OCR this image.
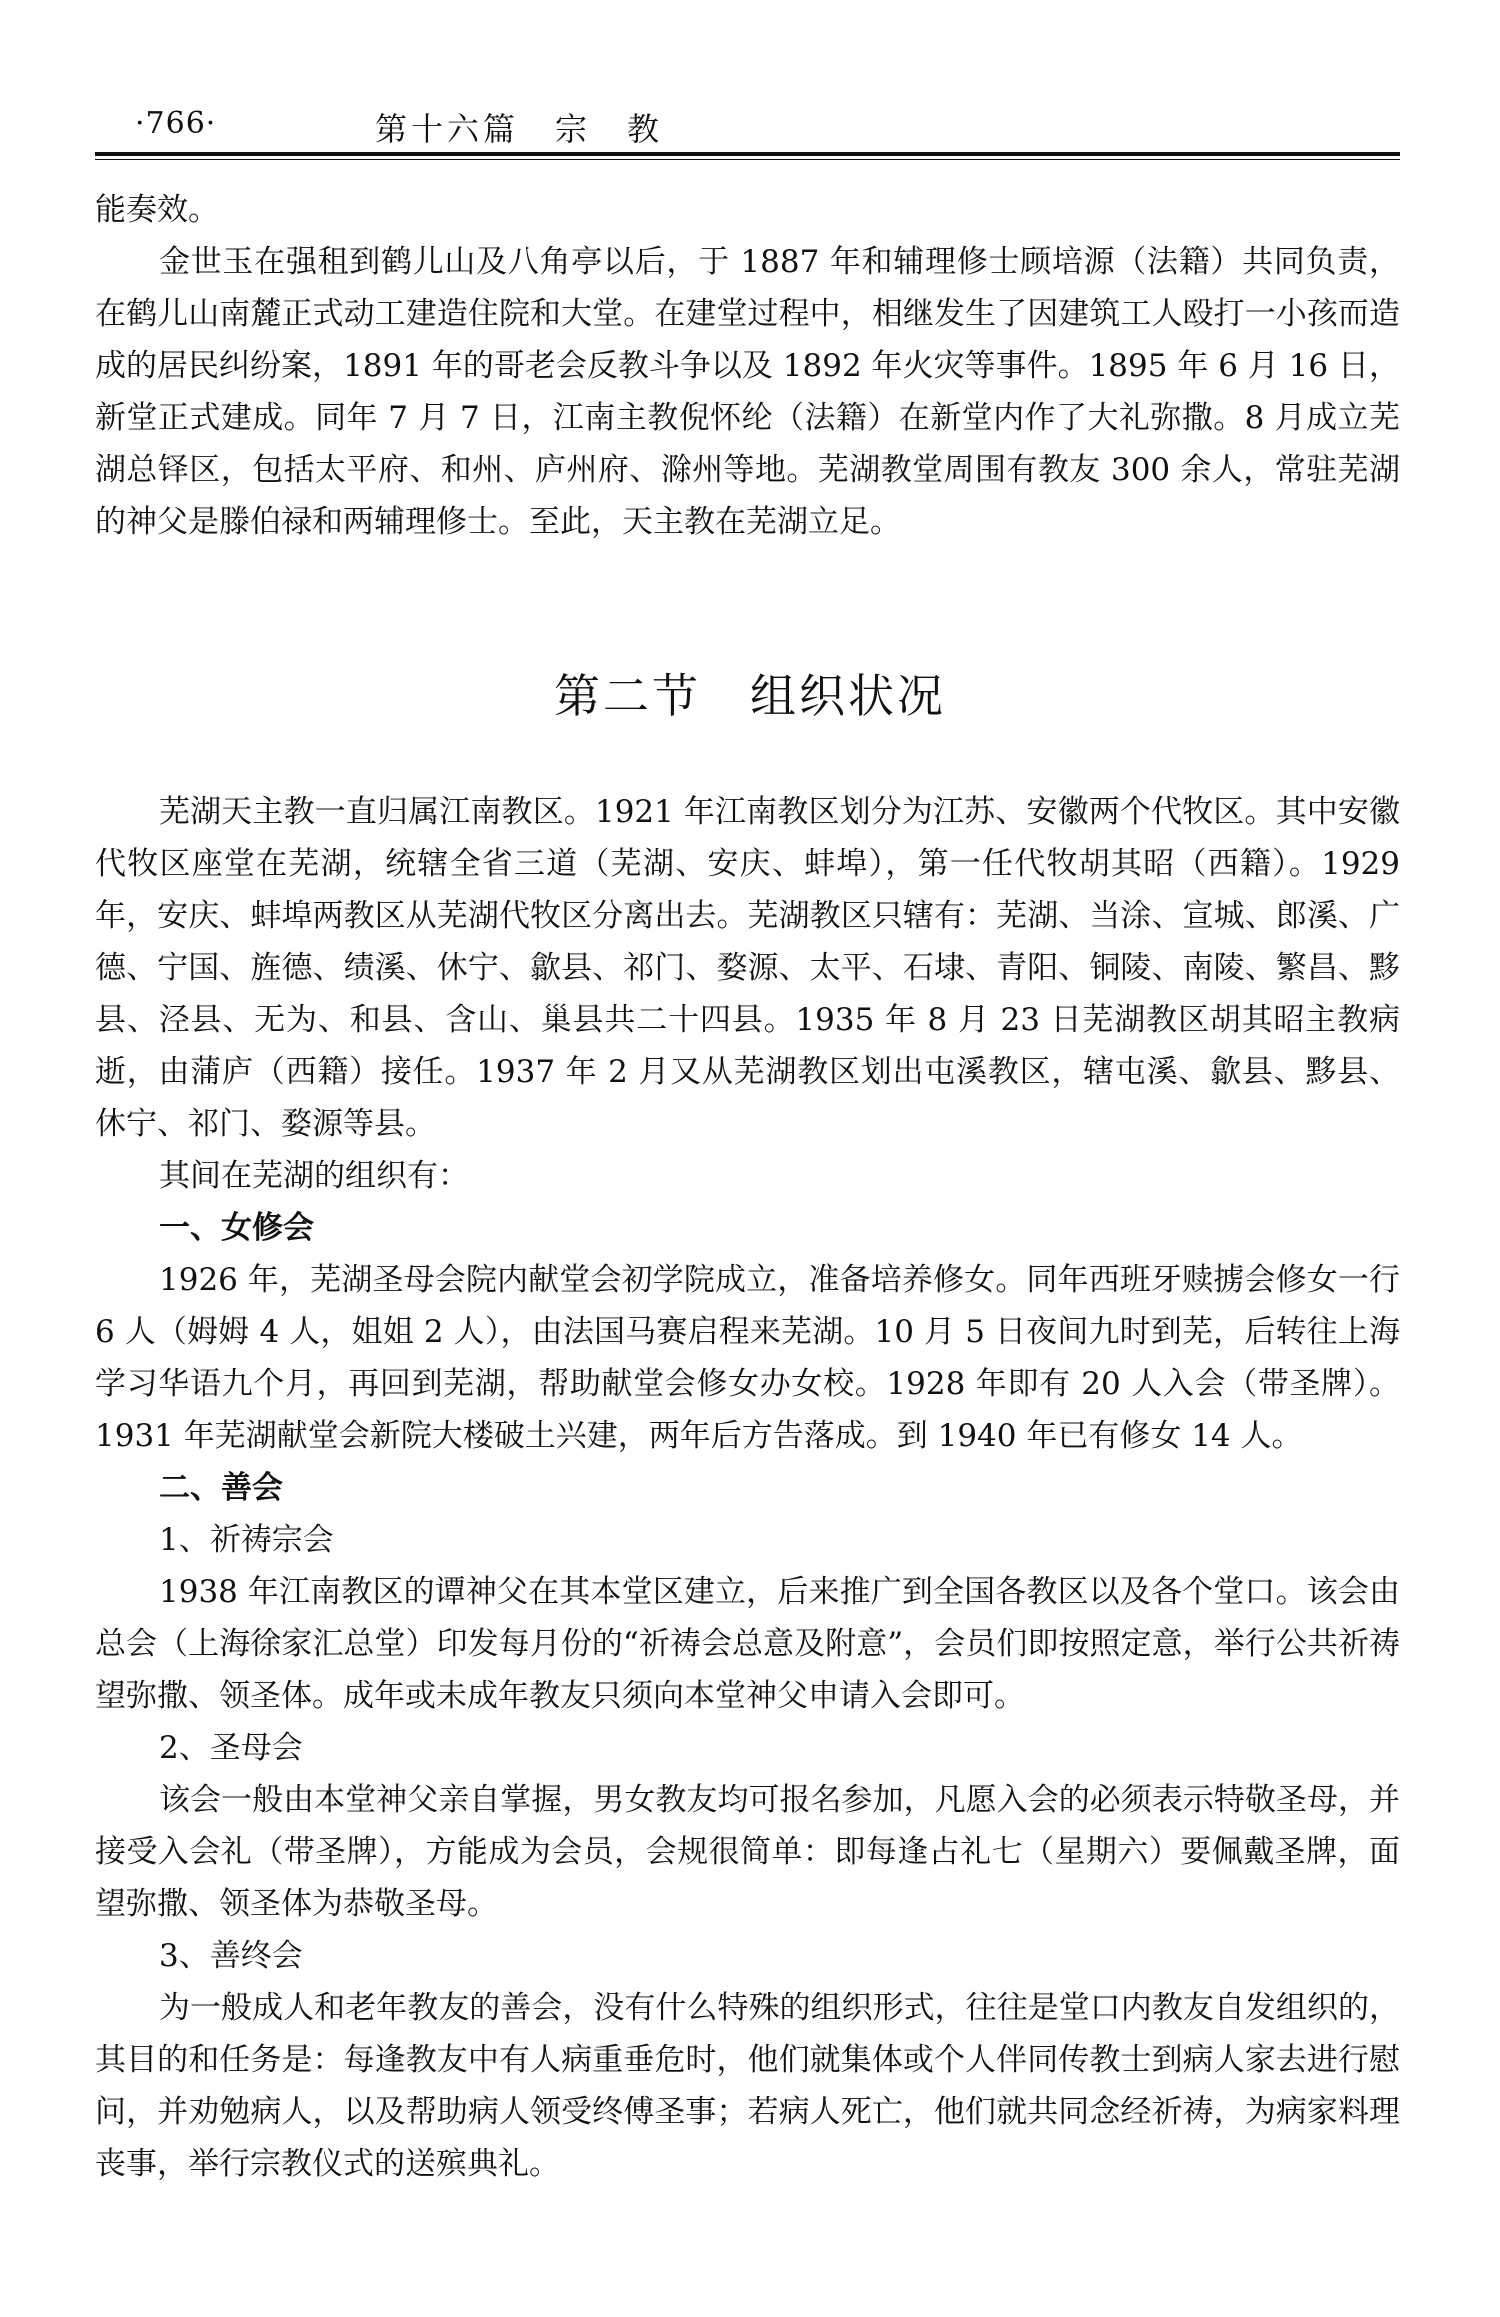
·766·	第十六篇　宗　教

能奏效。

金世玉在强租到鹤儿山及八角亭以后，于 1887 年和辅理修士顾培源（法籍）共同负责，在鹤儿山南麓正式动工建造住院和大堂。在建堂过程中，相继发生了因建筑工人殴打一小孩而造成的居民纠纷案，1891 年的哥老会反教斗争以及 1892 年火灾等事件。1895 年 6 月 16 日，新堂正式建成。同年 7 月 7 日，江南主教倪怀纶（法籍）在新堂内作了大礼弥撒。8 月成立芜湖总铎区，包括太平府、和州、庐州府、滁州等地。芜湖教堂周围有教友 300 余人，常驻芜湖的神父是滕伯禄和两辅理修士。至此，天主教在芜湖立足。

第二节　组织状况

芜湖天主教一直归属江南教区。1921 年江南教区划分为江苏、安徽两个代牧区。其中安徽代牧区座堂在芜湖，统辖全省三道（芜湖、安庆、蚌埠），第一任代牧胡其昭（西籍）。1929 年，安庆、蚌埠两教区从芜湖代牧区分离出去。芜湖教区只辖有：芜湖、当涂、宣城、郎溪、广德、宁国、旌德、绩溪、休宁、歙县、祁门、婺源、太平、石埭、青阳、铜陵、南陵、繁昌、黟县、泾县、无为、和县、含山、巢县共二十四县。1935 年 8 月 23 日芜湖教区胡其昭主教病逝，由蒲庐（西籍）接任。1937 年 2 月又从芜湖教区划出屯溪教区，辖屯溪、歙县、黟县、休宁、祁门、婺源等县。

其间在芜湖的组织有：

一、女修会

1926 年，芜湖圣母会院内献堂会初学院成立，准备培养修女。同年西班牙赎掳会修女一行 6 人（姆姆 4 人，姐姐 2 人），由法国马赛启程来芜湖。10 月 5 日夜间九时到芜，后转往上海学习华语九个月，再回到芜湖，帮助献堂会修女办女校。1928 年即有 20 人入会（带圣牌）。1931 年芜湖献堂会新院大楼破土兴建，两年后方告落成。到 1940 年已有修女 14 人。

二、善会

1、祈祷宗会

1938 年江南教区的谭神父在其本堂区建立，后来推广到全国各教区以及各个堂口。该会由总会（上海徐家汇总堂）印发每月份的“祈祷会总意及附意”，会员们即按照定意，举行公共祈祷望弥撒、领圣体。成年或未成年教友只须向本堂神父申请入会即可。

2、圣母会

该会一般由本堂神父亲自掌握，男女教友均可报名参加，凡愿入会的必须表示特敬圣母，并接受入会礼（带圣牌），方能成为会员，会规很简单：即每逢占礼七（星期六）要佩戴圣牌，面望弥撒、领圣体为恭敬圣母。

3、善终会

为一般成人和老年教友的善会，没有什么特殊的组织形式，往往是堂口内教友自发组织的，其目的和任务是：每逢教友中有人病重垂危时，他们就集体或个人伴同传教士到病人家去进行慰问，并劝勉病人，以及帮助病人领受终傅圣事；若病人死亡，他们就共同念经祈祷，为病家料理丧事，举行宗教仪式的送殡典礼。
